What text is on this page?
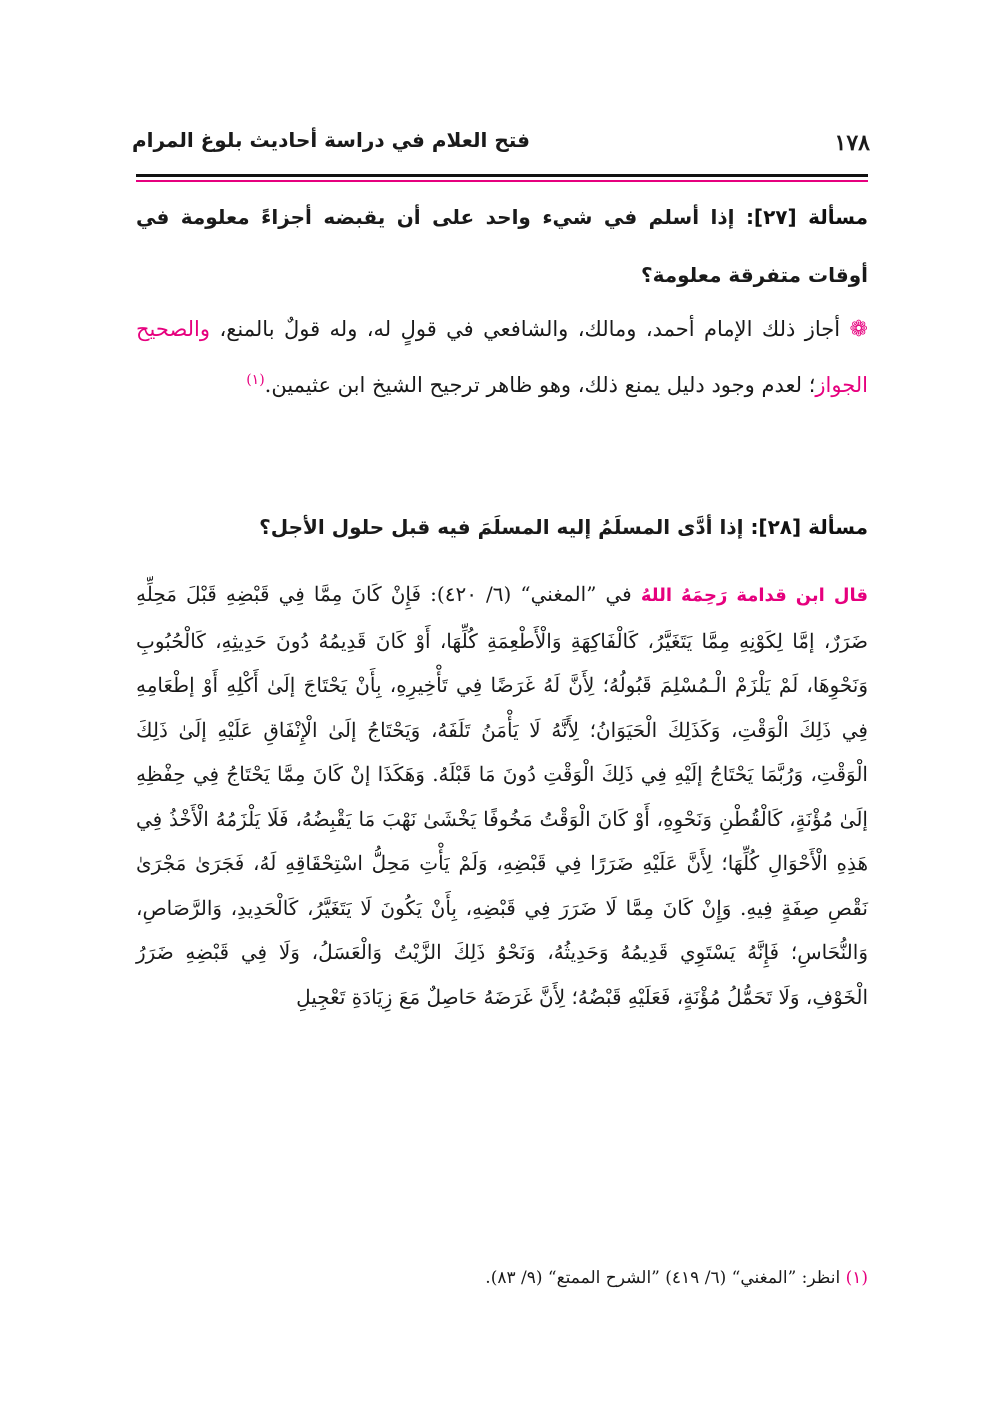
١٧٨
فتح العلام في دراسة أحاديث بلوغ المرام
مسألة [٢٧]: إذا أسلم في شيء واحد على أن يقبضه أجزاءً معلومة في أوقات متفرقة معلومة؟
❁ أجاز ذلك الإمام أحمد، ومالك، والشافعي في قولٍ له، وله قولٌ بالمنع، والصحيح الجواز؛ لعدم وجود دليل يمنع ذلك، وهو ظاهر ترجيح الشيخ ابن عثيمين.$^{(١)}$
مسألة [٢٨]: إذا أدَّى المسلَمُ إليه المسلَمَ فيه قبل حلول الأجل؟
قال ابن قدامة رَحِمَهُ اللهُ في ”المغني“ (٦/ ٤٢٠): فَإِنْ كَانَ مِمَّا فِي قَبْضِهِ قَبْلَ مَحِلِّهِ ضَرَرٌ، إمَّا لِكَوْنِهِ مِمَّا يَتَغَيَّرُ، كَالْفَاكِهَةِ وَالْأَطْعِمَةِ كُلِّهَا، أَوْ كَانَ قَدِيمُهُ دُونَ حَدِيثِهِ، كَالْحُبُوبِ وَنَحْوِهَا، لَمْ يَلْزَمْ الْـمُسْلِمَ قَبُولُهُ؛ لِأَنَّ لَهُ غَرَضًا فِي تَأْخِيرِهِ، بِأَنْ يَحْتَاجَ إلَىٰ أَكْلِهِ أَوْ إطْعَامِهِ فِي ذَلِكَ الْوَقْتِ، وَكَذَلِكَ الْحَيَوَانُ؛ لِأَنَّهُ لَا يَأْمَنُ تَلَفَهُ، وَيَحْتَاجُ إلَىٰ الْإِنْفَاقِ عَلَيْهِ إلَىٰ ذَلِكَ الْوَقْتِ، وَرُبَّمَا يَحْتَاجُ إلَيْهِ فِي ذَلِكَ الْوَقْتِ دُونَ مَا قَبْلَهُ. وَهَكَذَا إنْ كَانَ مِمَّا يَحْتَاجُ فِي حِفْظِهِ إلَىٰ مُؤْنَةٍ، كَالْقُطْنِ وَنَحْوِهِ، أَوْ كَانَ الْوَقْتُ مَخُوفًا يَخْشَىٰ نَهْبَ مَا يَقْبِضُهُ، فَلَا يَلْزَمُهُ الْأَخْذُ فِي هَذِهِ الْأَحْوَالِ كُلِّهَا؛ لِأَنَّ عَلَيْهِ ضَرَرًا فِي قَبْضِهِ، وَلَمْ يَأْتِ مَحِلُّ اسْتِحْقَاقِهِ لَهُ، فَجَرَىٰ مَجْرَىٰ نَقْصِ صِفَةٍ فِيهِ. وَإِنْ كَانَ مِمَّا لَا ضَرَرَ فِي قَبْضِهِ، بِأَنْ يَكُونَ لَا يَتَغَيَّرُ، كَالْحَدِيدِ، وَالرَّصَاصِ، وَالنُّحَاسِ؛ فَإِنَّهُ يَسْتَوِي قَدِيمُهُ وَحَدِيثُهُ، وَنَحْوُ ذَلِكَ الزَّيْتُ وَالْعَسَلُ، وَلَا فِي قَبْضِهِ ضَرَرُ الْخَوْفِ، وَلَا تَحَمُّلُ مُؤْنَةٍ، فَعَلَيْهِ قَبْضُهُ؛ لِأَنَّ غَرَضَهُ حَاصِلٌ مَعَ زِيَادَةِ تَعْجِيلِ
(١) انظر: ”المغني“ (٦/ ٤١٩) ”الشرح الممتع“ (٩/ ٨٣).
